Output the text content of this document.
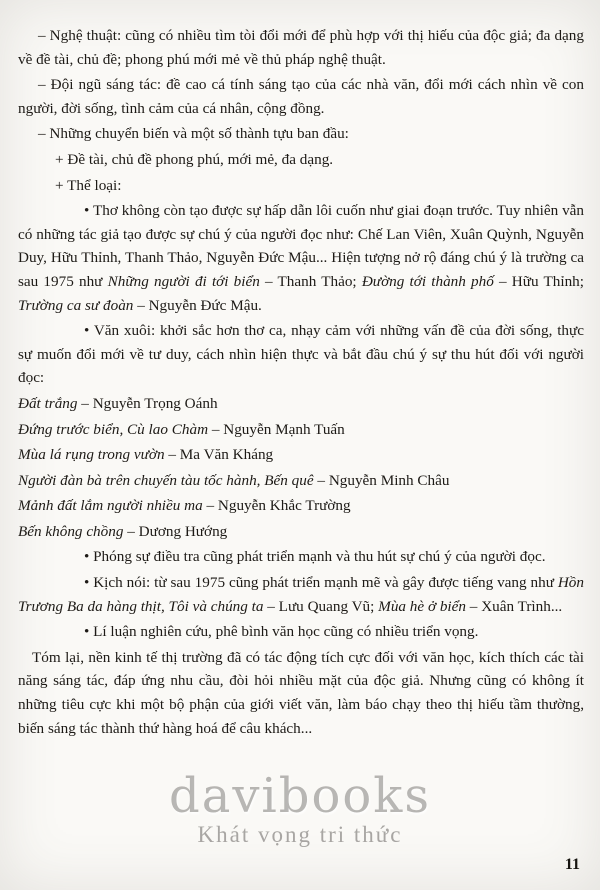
– Nghệ thuật: cũng có nhiều tìm tòi đổi mới để phù hợp với thị hiếu của độc giả; đa dạng về đề tài, chủ đề; phong phú mới mẻ về thủ pháp nghệ thuật.

– Đội ngũ sáng tác: đề cao cá tính sáng tạo của các nhà văn, đổi mới cách nhìn về con người, đời sống, tình cảm của cá nhân, cộng đồng.

– Những chuyển biến và một số thành tựu ban đầu:

+ Đề tài, chủ đề phong phú, mới mẻ, đa dạng.

+ Thể loại:

• Thơ không còn tạo được sự hấp dẫn lôi cuốn như giai đoạn trước. Tuy nhiên vẫn có những tác giả tạo được sự chú ý của người đọc như: Chế Lan Viên, Xuân Quỳnh, Nguyễn Duy, Hữu Thỉnh, Thanh Thảo, Nguyễn Đức Mậu... Hiện tượng nở rộ đáng chú ý là trường ca sau 1975 như Những người đi tới biển – Thanh Thảo; Đường tới thành phố – Hữu Thỉnh; Trường ca sư đoàn – Nguyễn Đức Mậu.

• Văn xuôi: khởi sắc hơn thơ ca, nhạy cảm với những vấn đề của đời sống, thực sự muốn đổi mới về tư duy, cách nhìn hiện thực và bắt đầu chú ý sự thu hút đối với người đọc:

Đất trắng – Nguyễn Trọng Oánh

Đứng trước biển, Cù lao Chàm – Nguyễn Mạnh Tuấn

Mùa lá rụng trong vườn – Ma Văn Kháng

Người đàn bà trên chuyến tàu tốc hành, Bến quê – Nguyễn Minh Châu

Mảnh đất lắm người nhiều ma – Nguyễn Khắc Trường

Bến không chồng – Dương Hướng

• Phóng sự điều tra cũng phát triển mạnh và thu hút sự chú ý của người đọc.

• Kịch nói: từ sau 1975 cũng phát triển mạnh mẽ và gây được tiếng vang như Hồn Trương Ba da hàng thịt, Tôi và chúng ta – Lưu Quang Vũ; Mùa hè ở biển – Xuân Trình...

• Lí luận nghiên cứu, phê bình văn học cũng có nhiều triển vọng.

Tóm lại, nền kinh tế thị trường đã có tác động tích cực đối với văn học, kích thích các tài năng sáng tác, đáp ứng nhu cầu, đòi hỏi nhiều mặt của độc giả. Nhưng cũng có không ít những tiêu cực khi một bộ phận của giới viết văn, làm báo chạy theo thị hiếu tầm thường, biến sáng tác thành thứ hàng hoá để câu khách...

davibooks
Khát vọng tri thức
11
